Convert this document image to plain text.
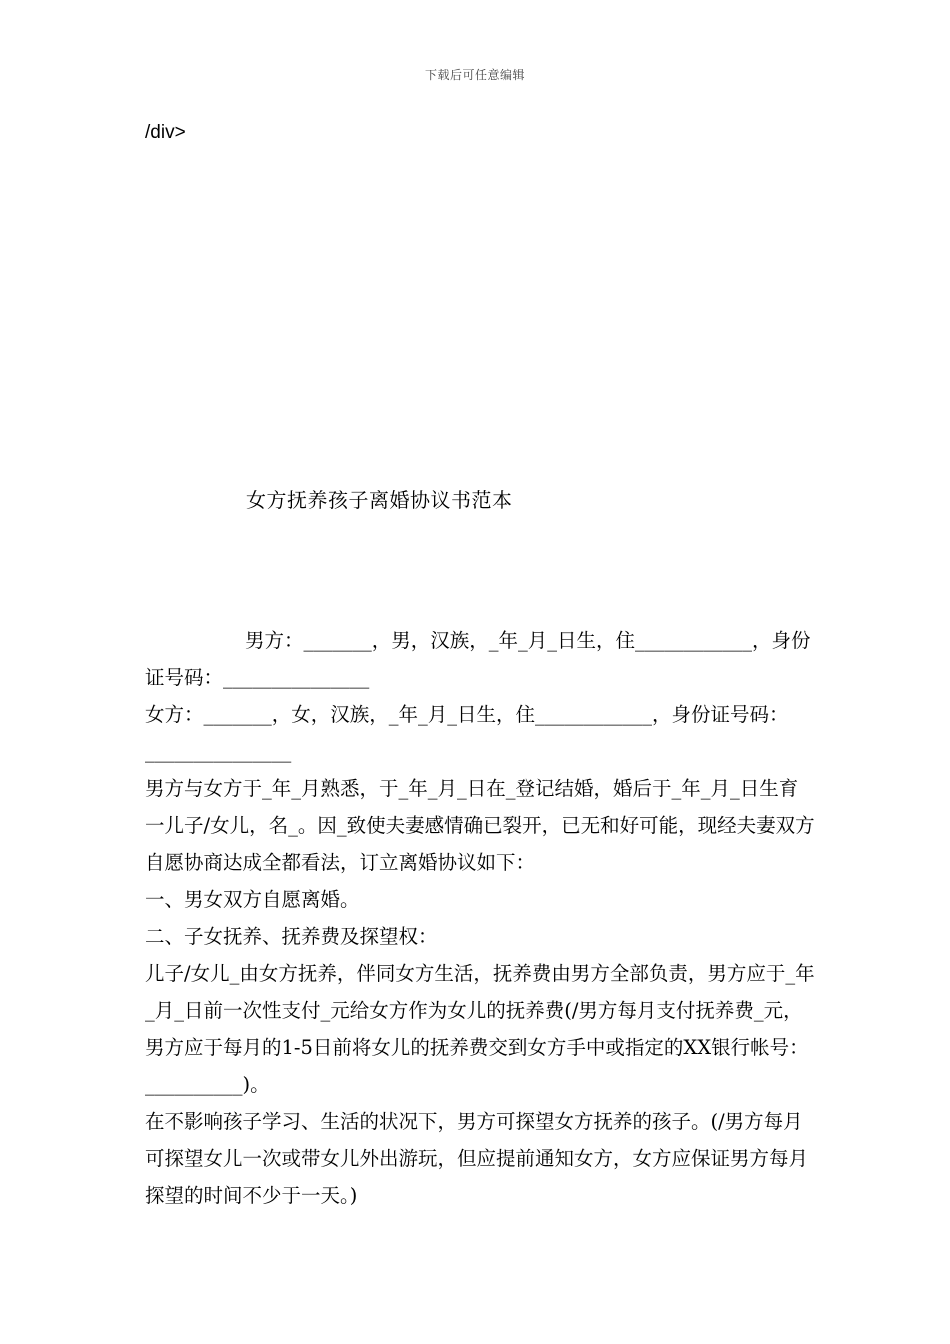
下载后可任意编辑
/div>
女方抚养孩子离婚协议书范本

男方：_______，男，汉族，_年_月_日生，住____________，身份证号码：_______________

女方：_______，女，汉族，_年_月_日生，住____________，身份证号码：_______________

男方与女方于_年_月熟悉，于_年_月_日在_登记结婚，婚后于_年_月_日生育一儿子/女儿，名_。因_致使夫妻感情确已裂开，已无和好可能，现经夫妻双方自愿协商达成全都看法，订立离婚协议如下：

一、男女双方自愿离婚。

二、子女抚养、抚养费及探望权：

儿子/女儿_由女方抚养，伴同女方生活，抚养费由男方全部负责，男方应于_年_月_日前一次性支付_元给女方作为女儿的抚养费(/男方每月支付抚养费_元，男方应于每月的1-5日前将女儿的抚养费交到女方手中或指定的XX银行帐号：__________)。

在不影响孩子学习、生活的状况下，男方可探望女方抚养的孩子。(/男方每月可探望女儿一次或带女儿外出游玩，但应提前通知女方，女方应保证男方每月探望的时间不少于一天。)
